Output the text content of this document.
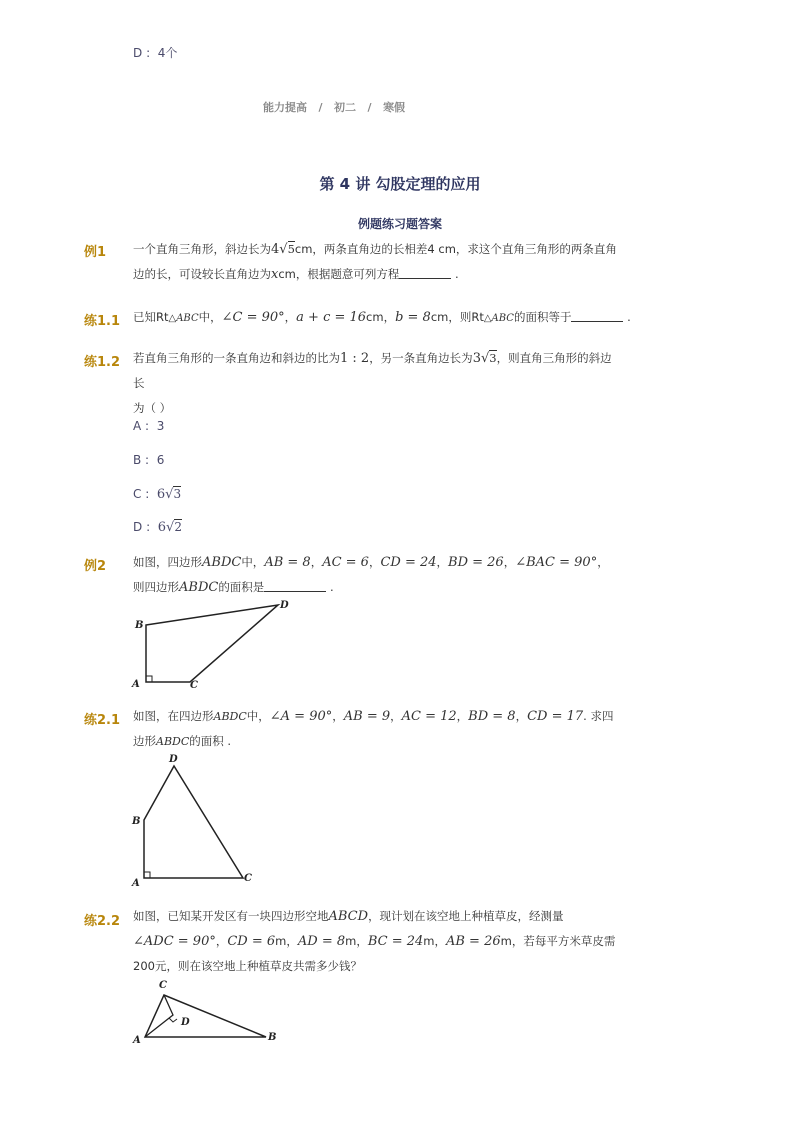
D :  4个
能力提高 / 初二 / 寒假
第 4 讲 勾股定理的应用
例题练习题答案
例1 一个直角三角形，斜边长为4√5cm，两条直角边的长相差4 cm，求这个直角三角形的两条直角
边的长，可设较长直角边为xcm，根据题意可列方程	.
练1.1 已知Rt△ABC中，∠C = 90°，a + c = 16cm，b = 8cm，则Rt△ABC的面积等于	.
练1.2 若直角三角形的一条直角边和斜边的比为1 : 2，另一条直角边长为3√3，则直角三角形的斜边长
为（ ）
A :  3
B :  6
C :  6√3
D :  6√2
例2 如图，四边形ABDC中，AB = 8，AC = 6，CD = 24，BD = 26，∠BAC = 90°，
则四边形ABDC的面积是	.
B
D
A	C
练2.1 如图，在四边形ABDC中，∠A = 90°，AB = 9，AC = 12，BD = 8，CD = 17. 求四
边形ABDC的面积 .
D
B
A	C
练2.2 如图，已知某开发区有一块四边形空地ABCD，现计划在该空地上种植草皮，经测量
∠ADC = 90°，CD = 6m，AD = 8m，BC = 24m，AB = 26m，若每平方米草皮需
200元，则在该空地上种植草皮共需多少钱？
C
D
A	B
